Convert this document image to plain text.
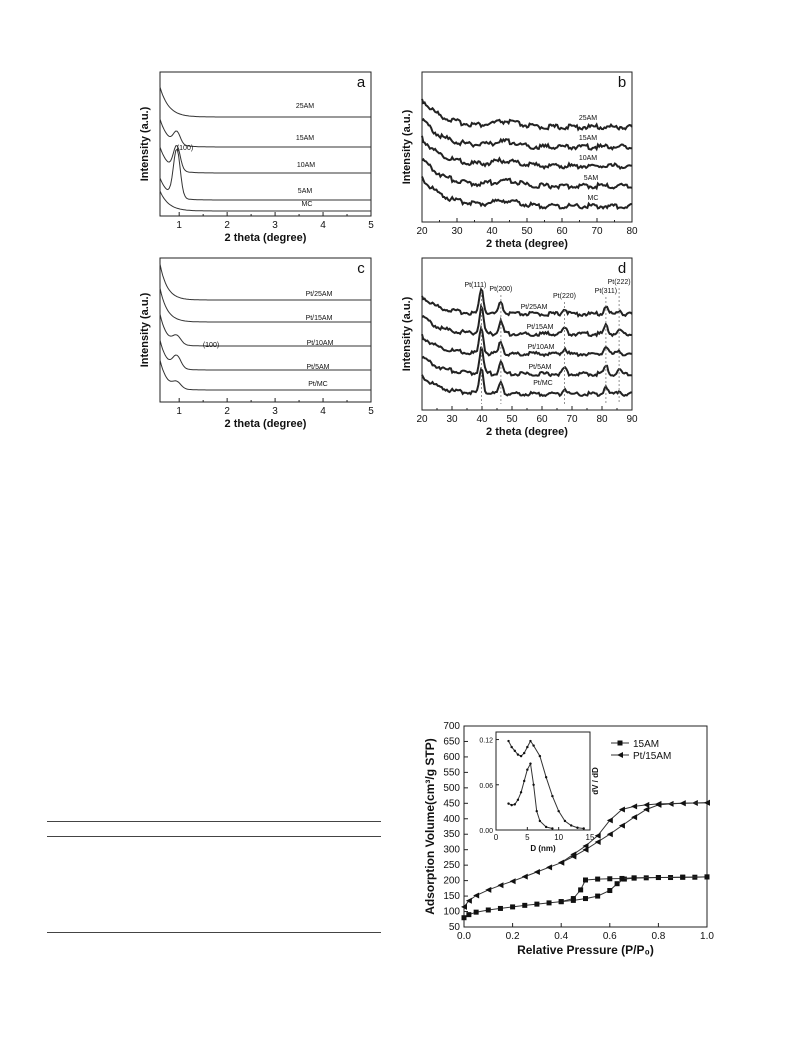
1	2	3	4	5
2 theta (degree)
Intensity (a.u.)
a
25AM
15AM
10AM
5AM
MC
(100)
20 30 40 50 60 70 80
2 theta (degree)
Intensity (a.u.)
b
25AM
15AM
10AM
5AM
MC
1	2	3	4	5
2 theta (degree)
Intensity (a.u.)
c
Pt/25AM
Pt/15AM
Pt/10AM
Pt/5AM
Pt/MC
(100)
20 30 40 50 60 70 80 90
2 theta (degree)
Intensity (a.u.)
d
Pt/25AM
Pt/15AM
Pt/10AM
Pt/5AM
Pt/MC
Pt(111)
Pt(200)
Pt(220)
Pt(311)
Pt(222)
0.0	0.2	0.4	0.6	0.8	1.0
50
100
150
200
250
300
350
400
450
500
550
600
650
700
Relative Pressure (P/P₀)
Adsorption Volume(cm³/g STP)	15AM
Pt/15AM
0	5	10	15
0.00
0.06
0.12
D (nm)
dV / dD
